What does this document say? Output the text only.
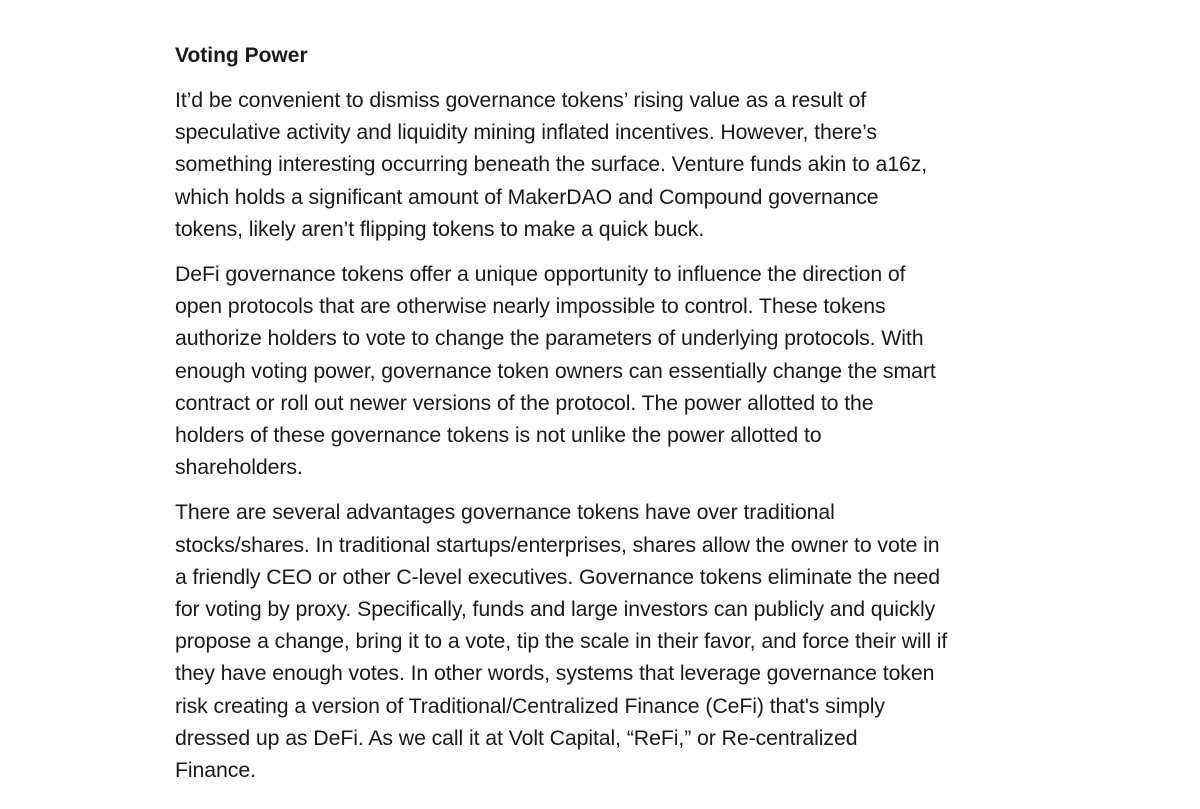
Voting Power

It’d be convenient to dismiss governance tokens’ rising value as a result of
speculative activity and liquidity mining inflated incentives. However, there’s
something interesting occurring beneath the surface. Venture funds akin to a16z,
which holds a significant amount of MakerDAO and Compound governance
tokens, likely aren’t flipping tokens to make a quick buck.

DeFi governance tokens offer a unique opportunity to influence the direction of
open protocols that are otherwise nearly impossible to control. These tokens
authorize holders to vote to change the parameters of underlying protocols. With
enough voting power, governance token owners can essentially change the smart
contract or roll out newer versions of the protocol. The power allotted to the
holders of these governance tokens is not unlike the power allotted to
shareholders.

There are several advantages governance tokens have over traditional
stocks/shares. In traditional startups/enterprises, shares allow the owner to vote in
a friendly CEO or other C-level executives. Governance tokens eliminate the need
for voting by proxy. Specifically, funds and large investors can publicly and quickly
propose a change, bring it to a vote, tip the scale in their favor, and force their will if
they have enough votes. In other words, systems that leverage governance token
risk creating a version of Traditional/Centralized Finance (CeFi) that's simply
dressed up as DeFi. As we call it at Volt Capital, “ReFi,” or Re-centralized
Finance.
